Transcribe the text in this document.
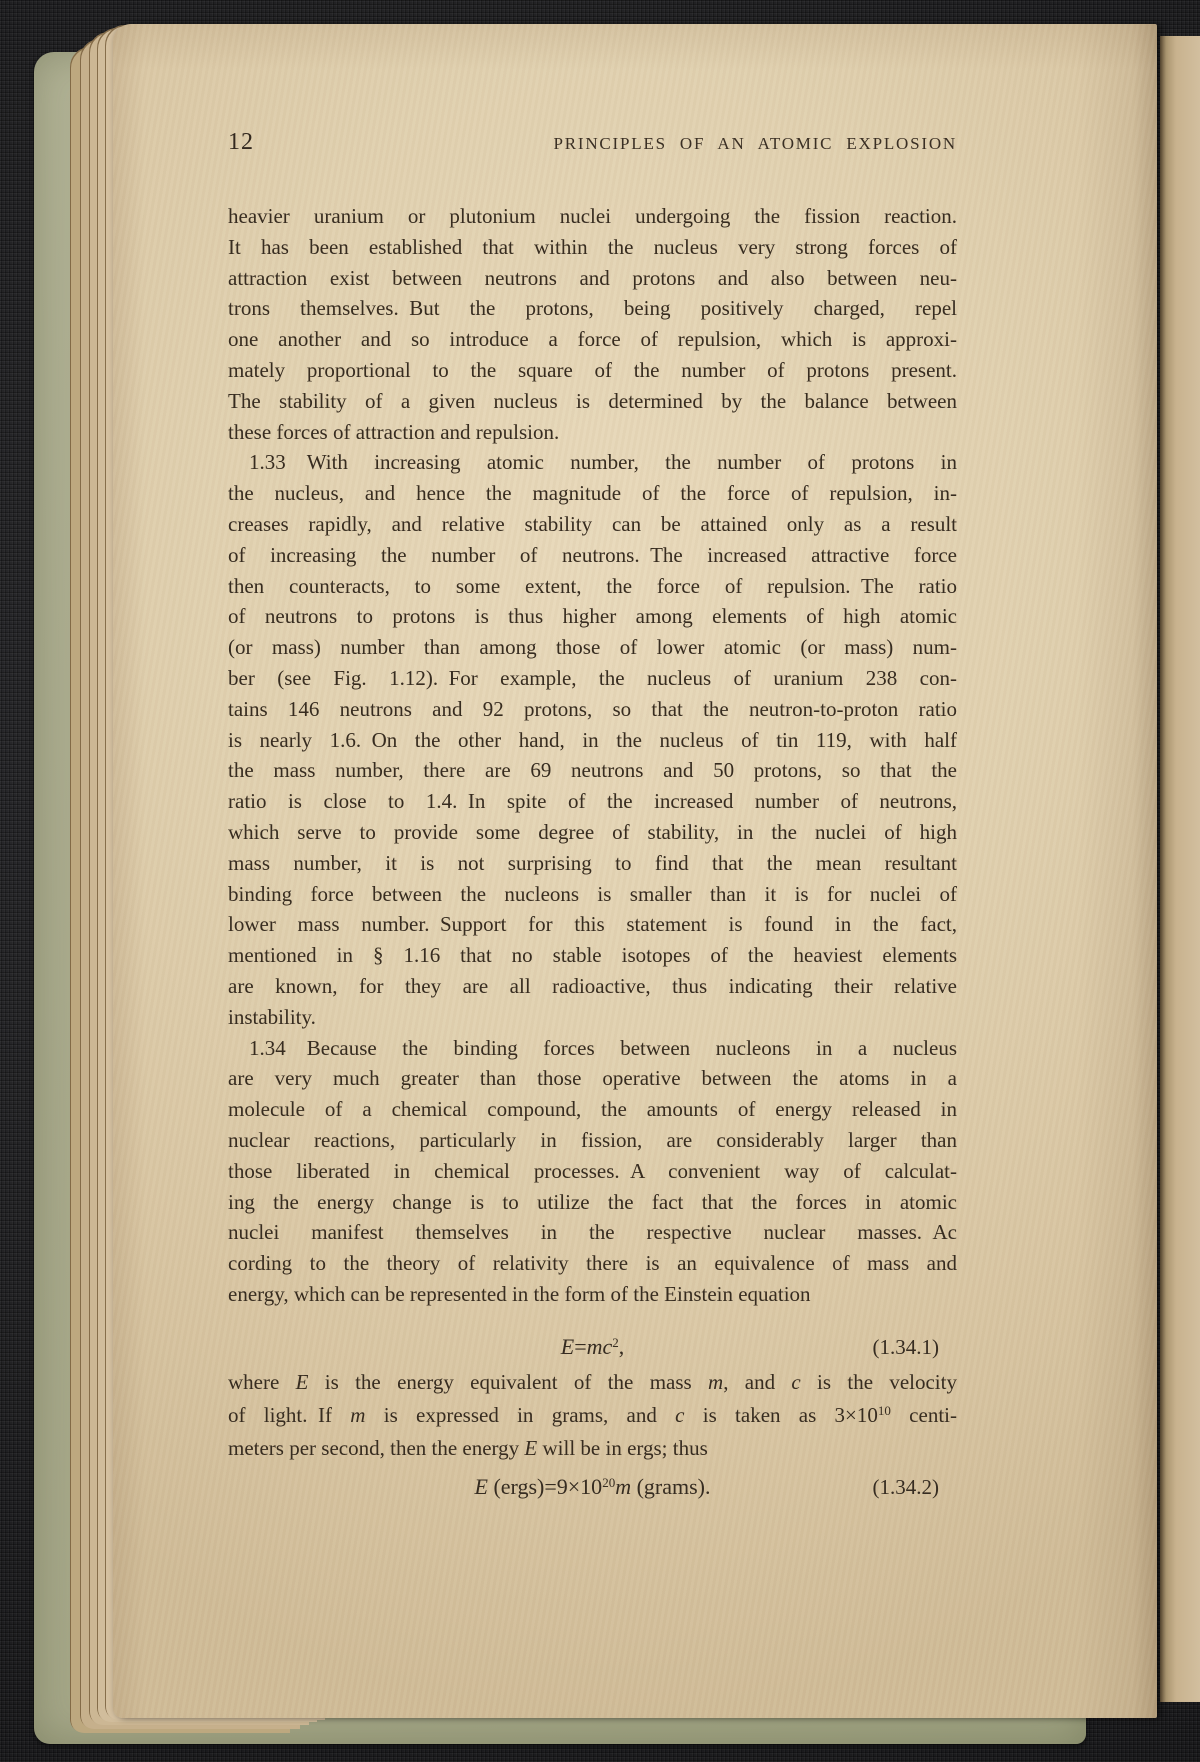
12	PRINCIPLES OF AN ATOMIC EXPLOSION
heavier uranium or plutonium nuclei undergoing the fission reaction.
It has been established that within the nucleus very strong forces of
attraction exist between neutrons and protons and also between neu-
trons themselves. But the protons, being positively charged, repel
one another and so introduce a force of repulsion, which is approxi-
mately proportional to the square of the number of protons present.
The stability of a given nucleus is determined by the balance between
these forces of attraction and repulsion.
1.33  With increasing atomic number, the number of protons in
the nucleus, and hence the magnitude of the force of repulsion, in-
creases rapidly, and relative stability can be attained only as a result
of increasing the number of neutrons. The increased attractive force
then counteracts, to some extent, the force of repulsion. The ratio
of neutrons to protons is thus higher among elements of high atomic
(or mass) number than among those of lower atomic (or mass) num-
ber (see Fig. 1.12). For example, the nucleus of uranium 238 con-
tains 146 neutrons and 92 protons, so that the neutron-to-proton ratio
is nearly 1.6. On the other hand, in the nucleus of tin 119, with half
the mass number, there are 69 neutrons and 50 protons, so that the
ratio is close to 1.4. In spite of the increased number of neutrons,
which serve to provide some degree of stability, in the nuclei of high
mass number, it is not surprising to find that the mean resultant
binding force between the nucleons is smaller than it is for nuclei of
lower mass number. Support for this statement is found in the fact,
mentioned in § 1.16 that no stable isotopes of the heaviest elements
are known, for they are all radioactive, thus indicating their relative
instability.
1.34  Because the binding forces between nucleons in a nucleus
are very much greater than those operative between the atoms in a
molecule of a chemical compound, the amounts of energy released in
nuclear reactions, particularly in fission, are considerably larger than
those liberated in chemical processes. A convenient way of calculat-
ing the energy change is to utilize the fact that the forces in atomic
nuclei manifest themselves in the respective nuclear masses. Ac
cording to the theory of relativity there is an equivalence of mass and
energy, which can be represented in the form of the Einstein equation
$E=mc^2$,	(1.34.1)
where E is the energy equivalent of the mass m, and c is the velocity
of light. If m is expressed in grams, and c is taken as $3\times 10^{10}$ centi-
meters per second, then the energy E will be in ergs; thus
E $(ergs)=9\times 10^{20}m$ (grams).	(1.34.2)
